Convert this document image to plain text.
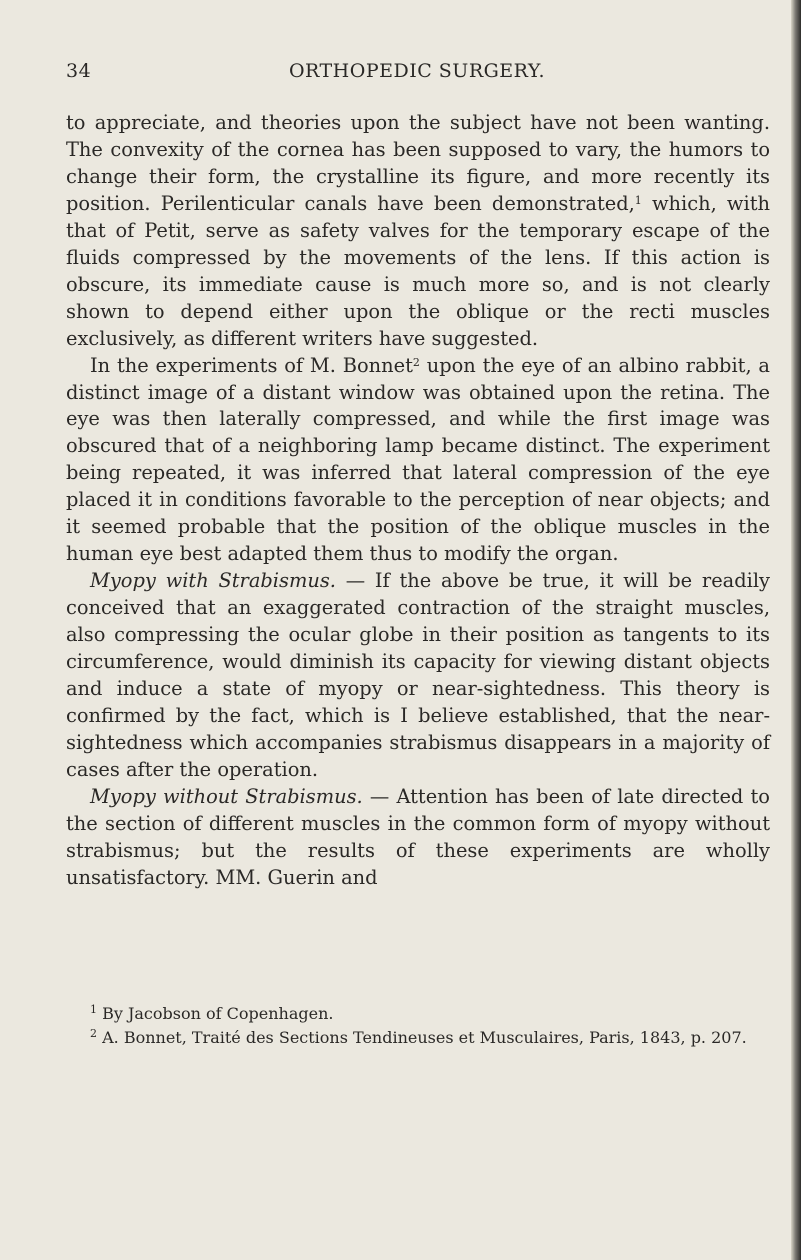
34	ORTHOPEDIC SURGERY.

to appreciate, and theories upon the subject have not been wanting. The convexity of the cornea has been supposed to vary, the humors to change their form, the crystalline its figure, and more recently its position. Perilenticular canals have been demonstrated,$^1$ which, with that of Petit, serve as safety valves for the temporary escape of the fluids compressed by the movements of the lens. If this action is obscure, its immediate cause is much more so, and is not clearly shown to depend either upon the oblique or the recti muscles exclusively, as different writers have suggested.

In the experiments of M. Bonnet$^2$ upon the eye of an albino rabbit, a distinct image of a distant window was obtained upon the retina. The eye was then laterally compressed, and while the first image was obscured that of a neighboring lamp became distinct. The experiment being repeated, it was inferred that lateral compression of the eye placed it in conditions favorable to the perception of near objects; and it seemed probable that the position of the oblique muscles in the human eye best adapted them thus to modify the organ.

Myopy with Strabismus. — If the above be true, it will be readily conceived that an exaggerated contraction of the straight muscles, also compressing the ocular globe in their position as tangents to its circumference, would diminish its capacity for viewing distant objects and induce a state of myopy or near-sightedness. This theory is confirmed by the fact, which is I believe established, that the near-sightedness which accompanies strabismus disappears in a majority of cases after the operation.

Myopy without Strabismus. — Attention has been of late directed to the section of different muscles in the common form of myopy without strabismus; but the results of these experiments are wholly unsatisfactory. MM. Guerin and

$^1$ By Jacobson of Copenhagen.

$^2$ A. Bonnet, Traité des Sections Tendineuses et Musculaires, Paris, 1843, p. 207.
